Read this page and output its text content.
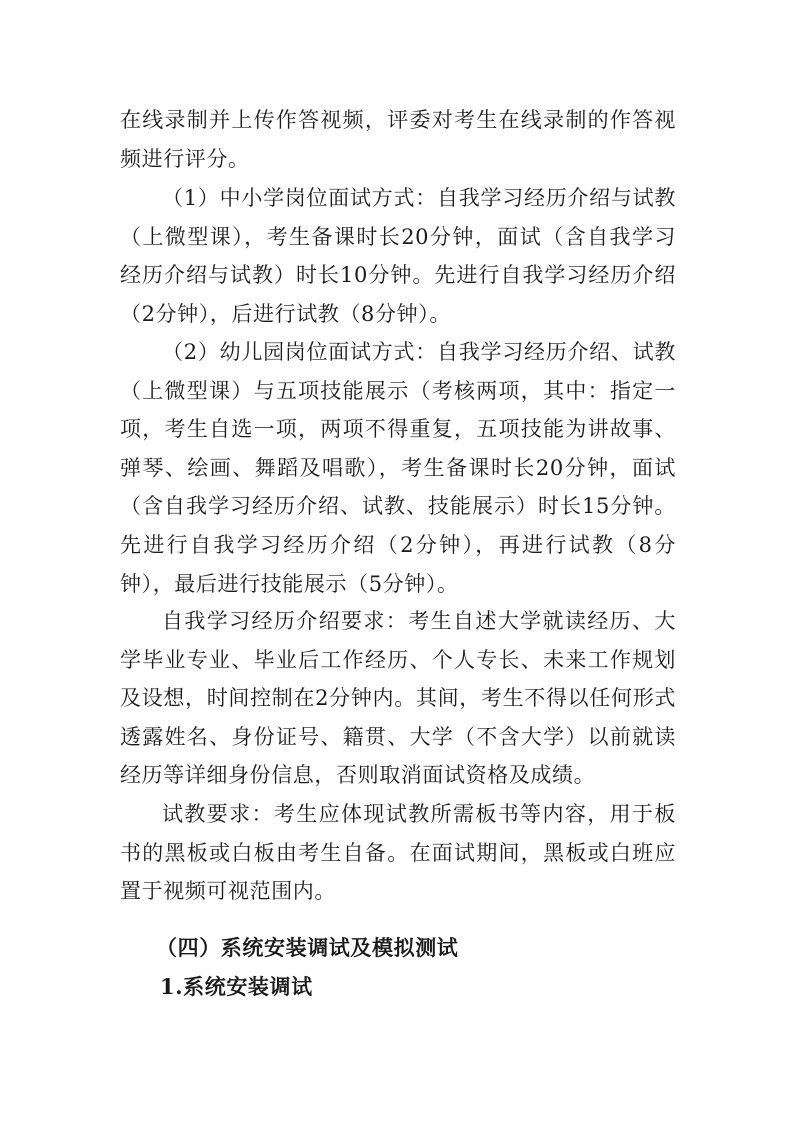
在线录制并上传作答视频，评委对考生在线录制的作答视频进行评分。

（1）中小学岗位面试方式：自我学习经历介绍与试教（上微型课），考生备课时长20分钟，面试（含自我学习经历介绍与试教）时长10分钟。先进行自我学习经历介绍（2分钟），后进行试教（8分钟）。

（2）幼儿园岗位面试方式：自我学习经历介绍、试教（上微型课）与五项技能展示（考核两项，其中：指定一项，考生自选一项，两项不得重复，五项技能为讲故事、弹琴、绘画、舞蹈及唱歌），考生备课时长20分钟，面试（含自我学习经历介绍、试教、技能展示）时长15分钟。先进行自我学习经历介绍（2分钟），再进行试教（8分钟），最后进行技能展示（5分钟）。

自我学习经历介绍要求：考生自述大学就读经历、大学毕业专业、毕业后工作经历、个人专长、未来工作规划及设想，时间控制在2分钟内。其间，考生不得以任何形式透露姓名、身份证号、籍贯、大学（不含大学）以前就读经历等详细身份信息，否则取消面试资格及成绩。

试教要求：考生应体现试教所需板书等内容，用于板书的黑板或白板由考生自备。在面试期间，黑板或白班应置于视频可视范围内。

（四）系统安装调试及模拟测试

1.系统安装调试
